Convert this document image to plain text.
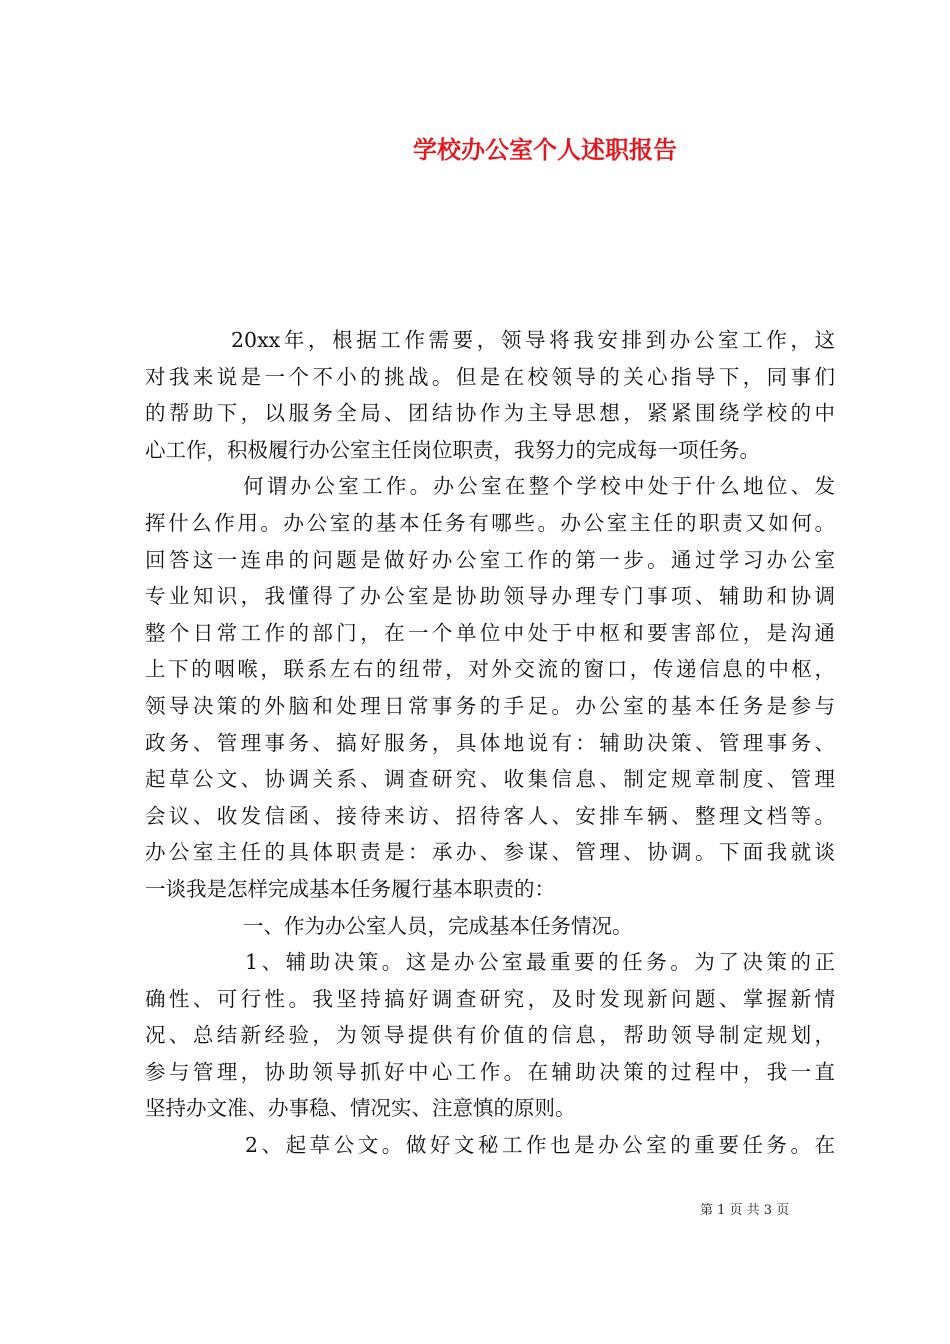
学校办公室个人述职报告
20xx年，根据工作需要，领导将我安排到办公室工作，这
对我来说是一个不小的挑战。但是在校领导的关心指导下，同事们
的帮助下，以服务全局、团结协作为主导思想，紧紧围绕学校的中
心工作，积极履行办公室主任岗位职责，我努力的完成每一项任务。
何谓办公室工作。办公室在整个学校中处于什么地位、发
挥什么作用。办公室的基本任务有哪些。办公室主任的职责又如何。
回答这一连串的问题是做好办公室工作的第一步。通过学习办公室
专业知识，我懂得了办公室是协助领导办理专门事项、辅助和协调
整个日常工作的部门，在一个单位中处于中枢和要害部位，是沟通
上下的咽喉，联系左右的纽带，对外交流的窗口，传递信息的中枢，
领导决策的外脑和处理日常事务的手足。办公室的基本任务是参与
政务、管理事务、搞好服务，具体地说有：辅助决策、管理事务、
起草公文、协调关系、调查研究、收集信息、制定规章制度、管理
会议、收发信函、接待来访、招待客人、安排车辆、整理文档等。
办公室主任的具体职责是：承办、参谋、管理、协调。下面我就谈
一谈我是怎样完成基本任务履行基本职责的：
一、作为办公室人员，完成基本任务情况。
1、辅助决策。这是办公室最重要的任务。为了决策的正
确性、可行性。我坚持搞好调查研究，及时发现新问题、掌握新情
况、总结新经验，为领导提供有价值的信息，帮助领导制定规划，
参与管理，协助领导抓好中心工作。在辅助决策的过程中，我一直
坚持办文准、办事稳、情况实、注意慎的原则。
2、起草公文。做好文秘工作也是办公室的重要任务。在
第 1 页 共 3 页
